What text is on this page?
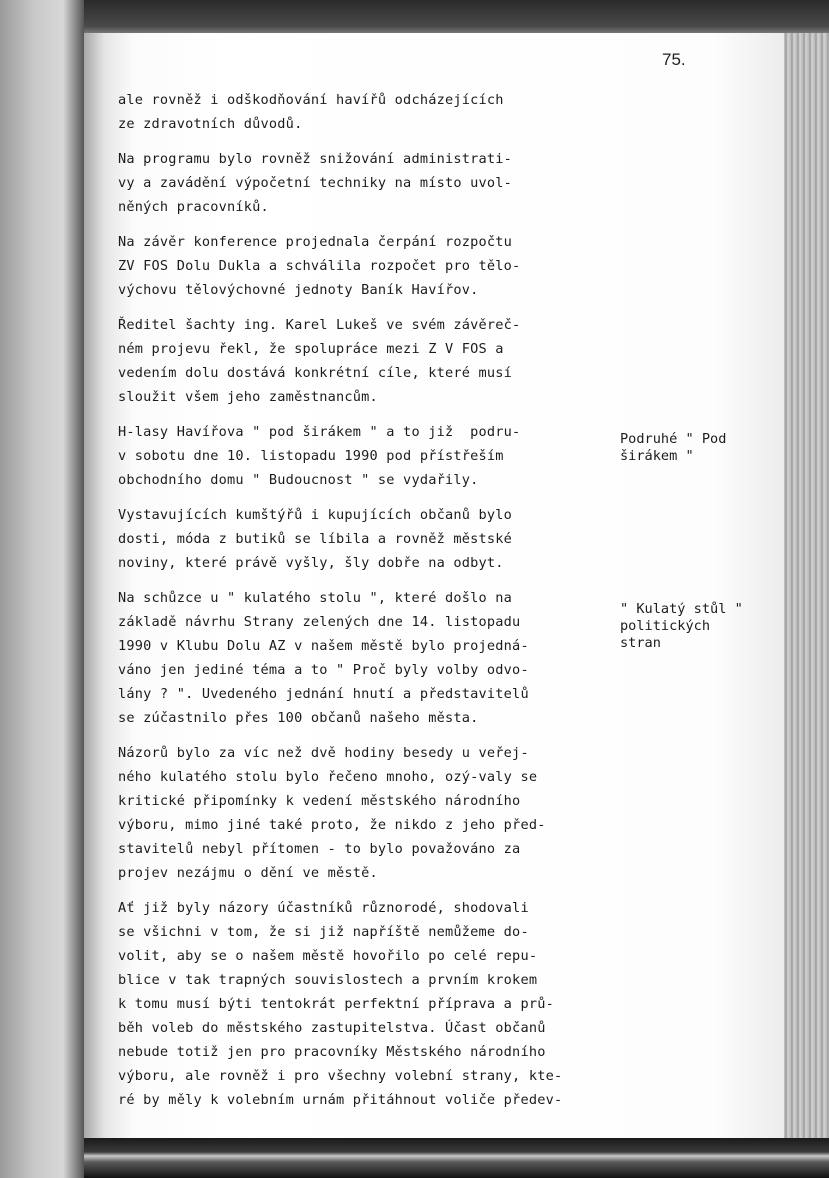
75.
ale rovněž i odškodňování havířů odcházejících
ze zdravotních důvodů.
Na programu bylo rovněž snižování administrati-
vy a zavádění výpočetní techniky na místo uvol-
něných pracovníků.
Na závěr konference projednala čerpání rozpočtu
ZV FOS Dolu Dukla a schválila rozpočet pro tělo-
výchovu tělovýchovné jednoty Baník Havířov.
Ředitel šachty ing. Karel Lukeš ve svém závěreč-
ném projevu řekl, že spolupráce mezi Z V FOS a
vedením dolu dostává konkrétní cíle, které musí
sloužit všem jeho zaměstnancům.
H-lasy Havířova " pod širákem " a to již  podru-
v sobotu dne 10. listopadu 1990 pod přístřeším
obchodního domu " Budoucnost " se vydařily.
Vystavujících kumštýřů i kupujících občanů bylo
dosti, móda z butiků se líbila a rovněž městské
noviny, které právě vyšly, šly dobře na odbyt.
Na schůzce u " kulatého stolu ", které došlo na
základě návrhu Strany zelených dne 14. listopadu
1990 v Klubu Dolu AZ v našem městě bylo projedná-
váno jen jediné téma a to " Proč byly volby odvo-
lány ? ". Uvedeného jednání hnutí a představitelů
se zúčastnilo přes 100 občanů našeho města.
Názorů bylo za víc než dvě hodiny besedy u veřej-
ného kulatého stolu bylo řečeno mnoho, ozý-valy se
kritické připomínky k vedení městského národního
výboru, mimo jiné také proto, že nikdo z jeho před-
stavitelů nebyl přítomen - to bylo považováno za
projev nezájmu o dění ve městě.
Ať již byly názory účastníků různorodé, shodovali
se všichni v tom, že si již napříště nemůžeme do-
volit, aby se o našem městě hovořilo po celé repu-
blice v tak trapných souvislostech a prvním krokem
k tomu musí býti tentokrát perfektní příprava a prů-
běh voleb do městského zastupitelstva. Účast občanů
nebude totiž jen pro pracovníky Městského národního
výboru, ale rovněž i pro všechny volební strany, kte-
ré by měly k volebním urnám přitáhnout voliče předev-
Podruhé " Pod
širákem "
" Kulatý stůl "
politických
stran
